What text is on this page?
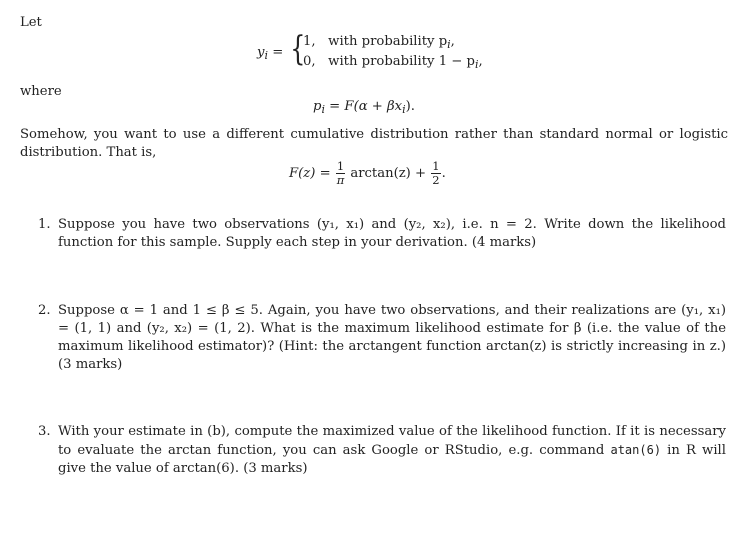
Let
$y_i$ = {
1, with probability $p_i$,
0, with probability $1 - p_i$,
where
$p_i = F(\alpha + \beta x_i)$.
Somehow, you want to use a different cumulative distribution rather than standard normal or logistic distribution. That is,
$F(z) = \frac{1}{\pi} \arctan(z) + \frac{1}{2}$ .
1. Suppose you have two observations (y₁, x₁) and (y₂, x₂), i.e. n = 2. Write down the likelihood function for this sample. Supply each step in your derivation. (4 marks)
2. Suppose α = 1 and 1 ≤ β ≤ 5. Again, you have two observations, and their realizations are (y₁, x₁) = (1, 1) and (y₂, x₂) = (1, 2). What is the maximum likelihood estimate for β (i.e. the value of the maximum likelihood estimator)? (Hint: the arctangent function arctan(z) is strictly increasing in z.) (3 marks)
3. With your estimate in (b), compute the maximized value of the likelihood function. If it is necessary to evaluate the arctan function, you can ask Google or RStudio, e.g. command atan(6) in R will give the value of arctan(6). (3 marks)
